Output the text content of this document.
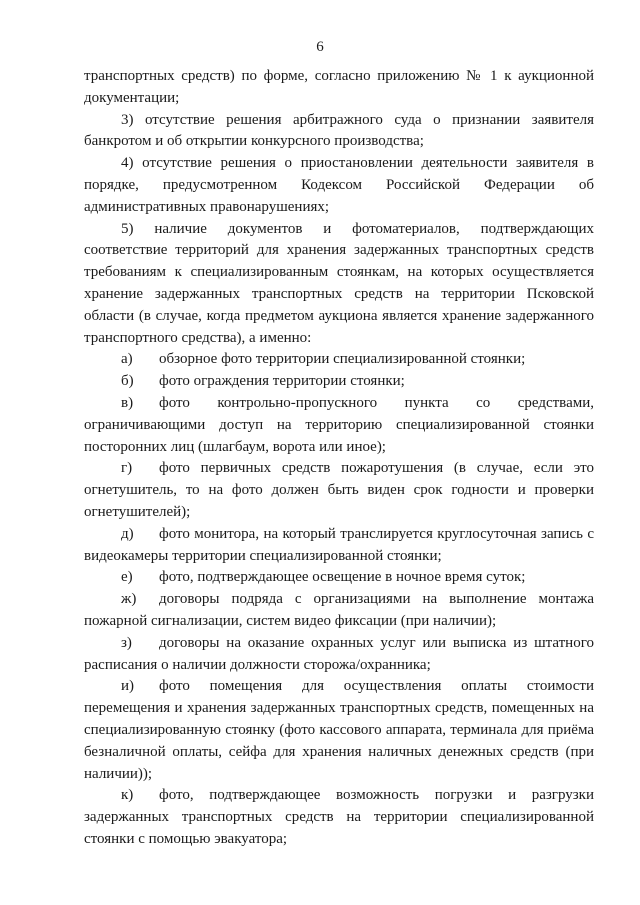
6

транспортных средств) по форме, согласно приложению № 1 к аукционной документации;

3) отсутствие решения арбитражного суда о признании заявителя банкротом и об открытии конкурсного производства;

4) отсутствие решения о приостановлении деятельности заявителя в порядке, предусмотренном Кодексом Российской Федерации об административных правонарушениях;

5) наличие документов и фотоматериалов, подтверждающих соответствие территорий для хранения задержанных транспортных средств требованиям к специализированным стоянкам, на которых осуществляется хранение задержанных транспортных средств на территории Псковской области (в случае, когда предметом аукциона является хранение задержанного транспортного средства), а именно:

а) обзорное фото территории специализированной стоянки;

б) фото ограждения территории стоянки;

в) фото контрольно-пропускного пункта со средствами, ограничивающими доступ на территорию специализированной стоянки посторонних лиц (шлагбаум, ворота или иное);

г) фото первичных средств пожаротушения (в случае, если это огнетушитель, то на фото должен быть виден срок годности и проверки огнетушителей);

д) фото монитора, на который транслируется круглосуточная запись с видеокамеры территории специализированной стоянки;

е) фото, подтверждающее освещение в ночное время суток;

ж) договоры подряда с организациями на выполнение монтажа пожарной сигнализации, систем видео фиксации (при наличии);

з) договоры на оказание охранных услуг или выписка из штатного расписания о наличии должности сторожа/охранника;

и) фото помещения для осуществления оплаты стоимости перемещения и хранения задержанных транспортных средств, помещенных на специализированную стоянку (фото кассового аппарата, терминала для приёма безналичной оплаты, сейфа для хранения наличных денежных средств (при наличии));

к) фото, подтверждающее возможность погрузки и разгрузки задержанных транспортных средств на территории специализированной стоянки с помощью эвакуатора;
